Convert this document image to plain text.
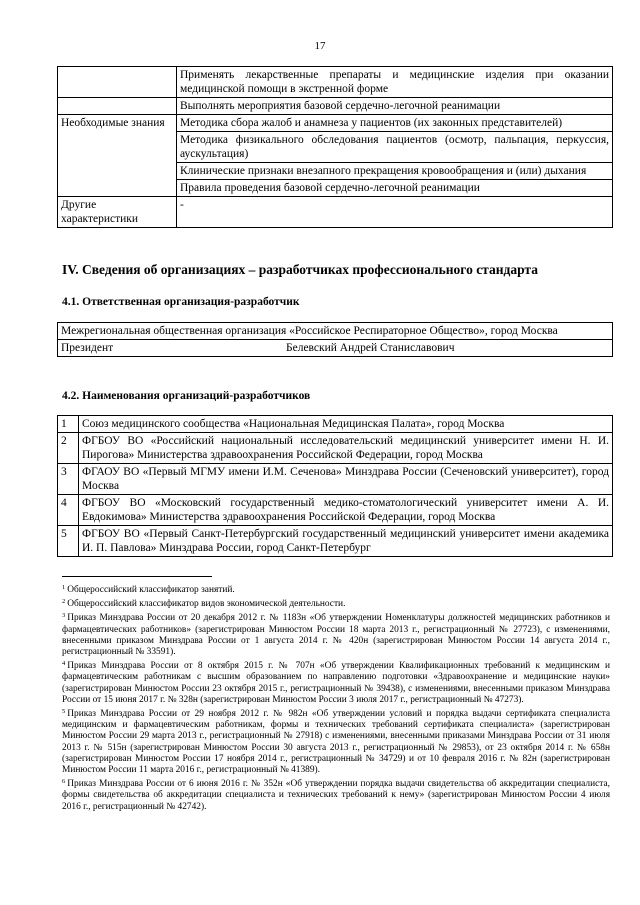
17
	Применять лекарственные препараты и медицинские изделия при оказании медицинской помощи в экстренной форме
	Выполнять мероприятия базовой сердечно-легочной реанимации
Необходимые знания	Методика сбора жалоб и анамнеза у пациентов (их законных представителей)
	Методика физикального обследования пациентов (осмотр, пальпация, перкуссия, аускультация)
	Клинические признаки внезапного прекращения кровообращения и (или) дыхания
	Правила проведения базовой сердечно-легочной реанимации
Другие характеристики	-
IV. Сведения об организациях – разработчиках профессионального стандарта
4.1. Ответственная организация-разработчик
Межрегиональная общественная организация «Российское Респираторное Общество», город Москва

Президент	Белевский Андрей Станиславович
4.2. Наименования организаций-разработчиков
1	Союз медицинского сообщества «Национальная Медицинская Палата», город Москва
2	ФГБОУ ВО «Российский национальный исследовательский медицинский университет имени Н. И. Пирогова» Министерства здравоохранения Российской Федерации, город Москва
3	ФГАОУ ВО «Первый МГМУ имени И.М. Сеченова» Минздрава России (Сеченовский университет), город Москва
4	ФГБОУ ВО «Московский государственный медико-стоматологический университет имени А. И. Евдокимова» Министерства здравоохранения Российской Федерации, город Москва
5	ФГБОУ ВО «Первый Санкт-Петербургский государственный медицинский университет имени академика И. П. Павлова» Минздрава России, город Санкт-Петербург

$^1$ Общероссийский классификатор занятий.

$^2$ Общероссийский классификатор видов экономической деятельности.

$^3$ Приказ Минздрава России от 20 декабря 2012 г. № 1183н «Об утверждении Номенклатуры должностей медицинских работников и фармацевтических работников» (зарегистрирован Минюстом России 18 марта 2013 г., регистрационный № 27723), с изменениями, внесенными приказом Минздрава России от 1 августа 2014 г. № 420н (зарегистрирован Минюстом России 14 августа 2014 г., регистрационный № 33591).

$^4$ Приказ Минздрава России от 8 октября 2015 г. № 707н «Об утверждении Квалификационных требований к медицинским и фармацевтическим работникам с высшим образованием по направлению подготовки «Здравоохранение и медицинские науки» (зарегистрирован Минюстом России 23 октября 2015 г., регистрационный № 39438), с изменениями, внесенными приказом Минздрава России от 15 июня 2017 г. № 328н (зарегистрирован Минюстом России 3 июля 2017 г., регистрационный № 47273).

$^5$ Приказ Минздрава России от 29 ноября 2012 г. № 982н «Об утверждении условий и порядка выдачи сертификата специалиста медицинским и фармацевтическим работникам, формы и технических требований сертификата специалиста» (зарегистрирован Минюстом России 29 марта 2013 г., регистрационный № 27918) с изменениями, внесенными приказами Минздрава России от 31 июля 2013 г. № 515н (зарегистрирован Минюстом России 30 августа 2013 г., регистрационный № 29853), от 23 октября 2014 г. № 658н (зарегистрирован Минюстом России 17 ноября 2014 г., регистрационный № 34729) и от 10 февраля 2016 г. № 82н (зарегистрирован Минюстом России 11 марта 2016 г., регистрационный № 41389).

$^6$ Приказ Минздрава России от 6 июня 2016 г. № 352н «Об утверждении порядка выдачи свидетельства об аккредитации специалиста, формы свидетельства об аккредитации специалиста и технических требований к нему» (зарегистрирован Минюстом России 4 июля 2016 г., регистрационный № 42742).
